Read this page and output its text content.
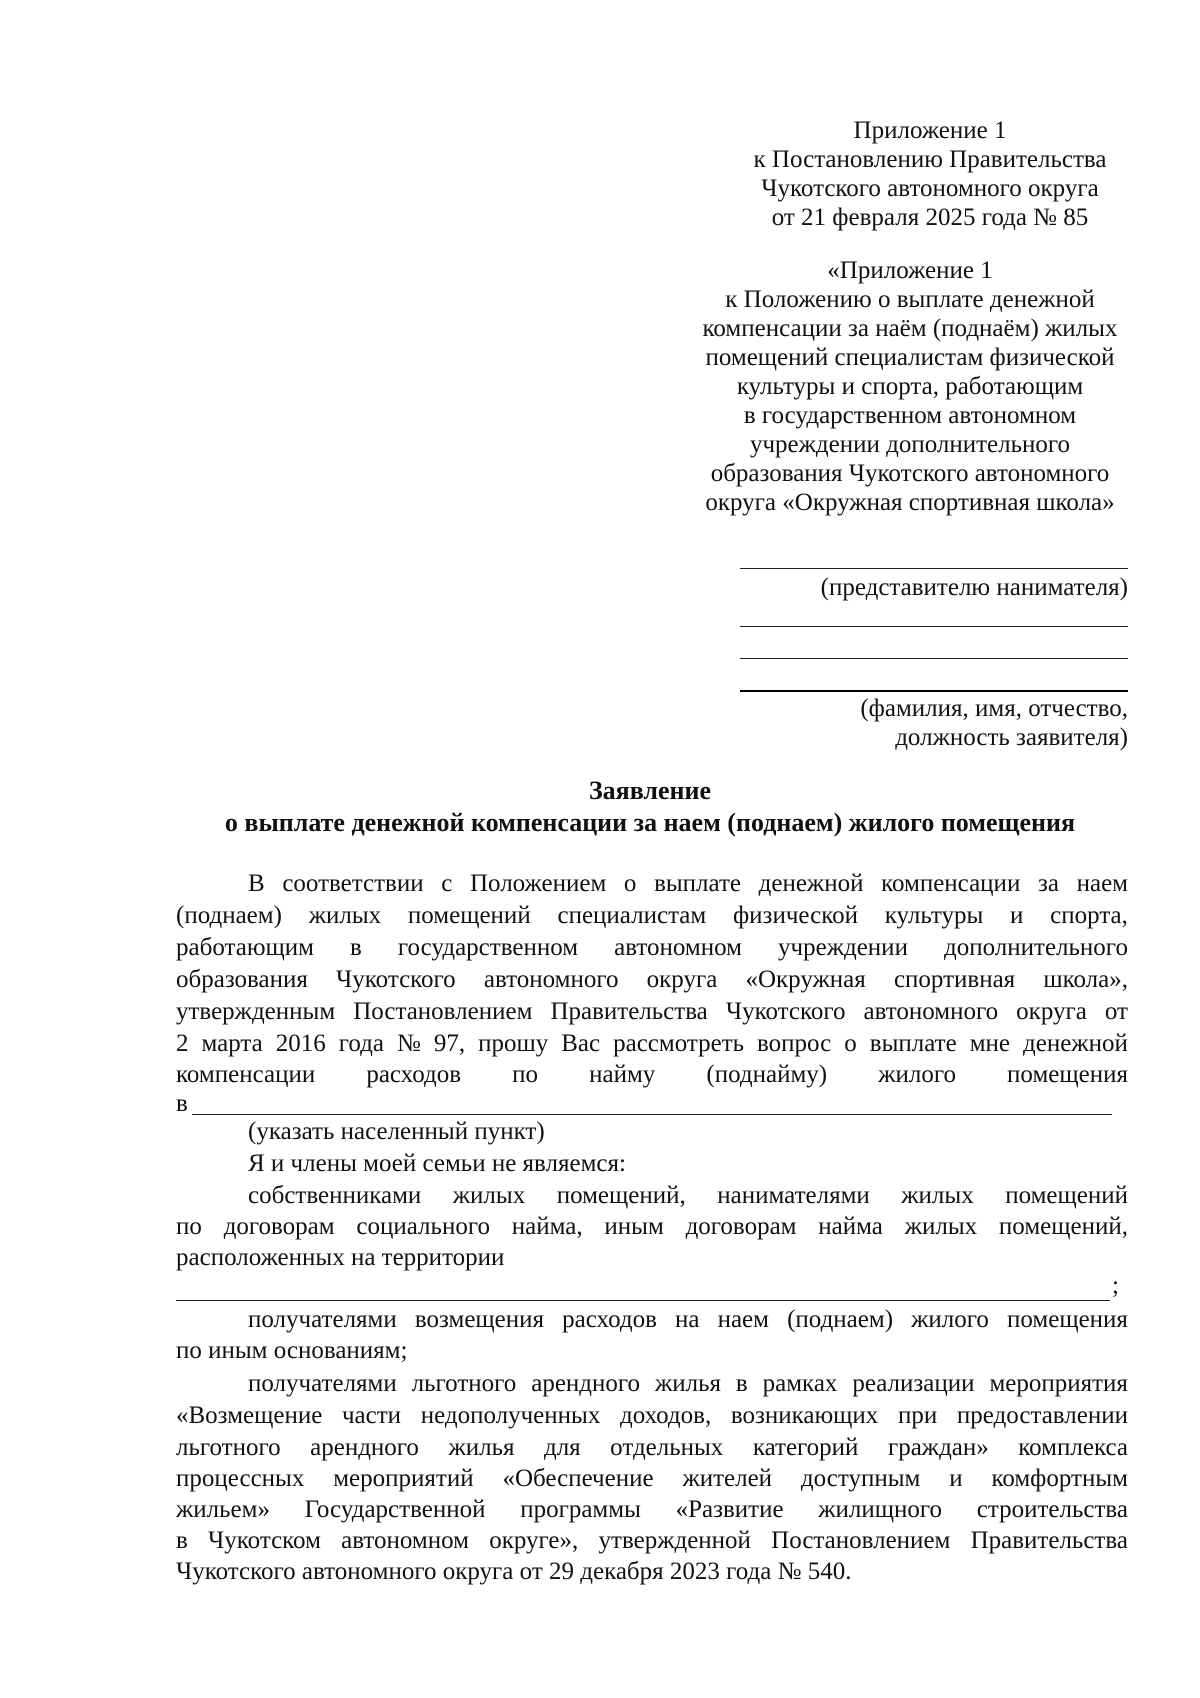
Приложение 1
к Постановлению Правительства
Чукотского автономного округа
от 21 февраля 2025 года № 85
«Приложение 1
к Положению о выплате денежной
компенсации за наём (поднаём) жилых
помещений специалистам физической
культуры и спорта, работающим
в государственном автономном
учреждении дополнительного
образования Чукотского автономного
округа «Окружная спортивная школа»
(представителю нанимателя)
(фамилия, имя, отчество,
должность заявителя)
Заявление
о выплате денежной компенсации за наем (поднаем) жилого помещения
В соответствии с Положением о выплате денежной компенсации за наем
(поднаем) жилых помещений специалистам физической культуры и спорта,
работающим в государственном автономном учреждении дополнительного
образования Чукотского автономного округа «Окружная спортивная школа»,
утвержденным Постановлением Правительства Чукотского автономного округа от
2 марта 2016 года № 97, прошу Вас рассмотреть вопрос о выплате мне денежной
компенсации расходов по найму (поднайму) жилого помещения
в
(указать населенный пункт)
Я и члены моей семьи не являемся:
собственниками жилых помещений, нанимателями жилых помещений
по договорам социального найма, иным договорам найма жилых помещений,
расположенных на территории
;
получателями возмещения расходов на наем (поднаем) жилого помещения
по иным основаниям;
получателями льготного арендного жилья в рамках реализации мероприятия
«Возмещение части недополученных доходов, возникающих при предоставлении
льготного арендного жилья для отдельных категорий граждан» комплекса
процессных мероприятий «Обеспечение жителей доступным и комфортным
жильем» Государственной программы «Развитие жилищного строительства
в Чукотском автономном округе», утвержденной Постановлением Правительства
Чукотского автономного округа от 29 декабря 2023 года № 540.
